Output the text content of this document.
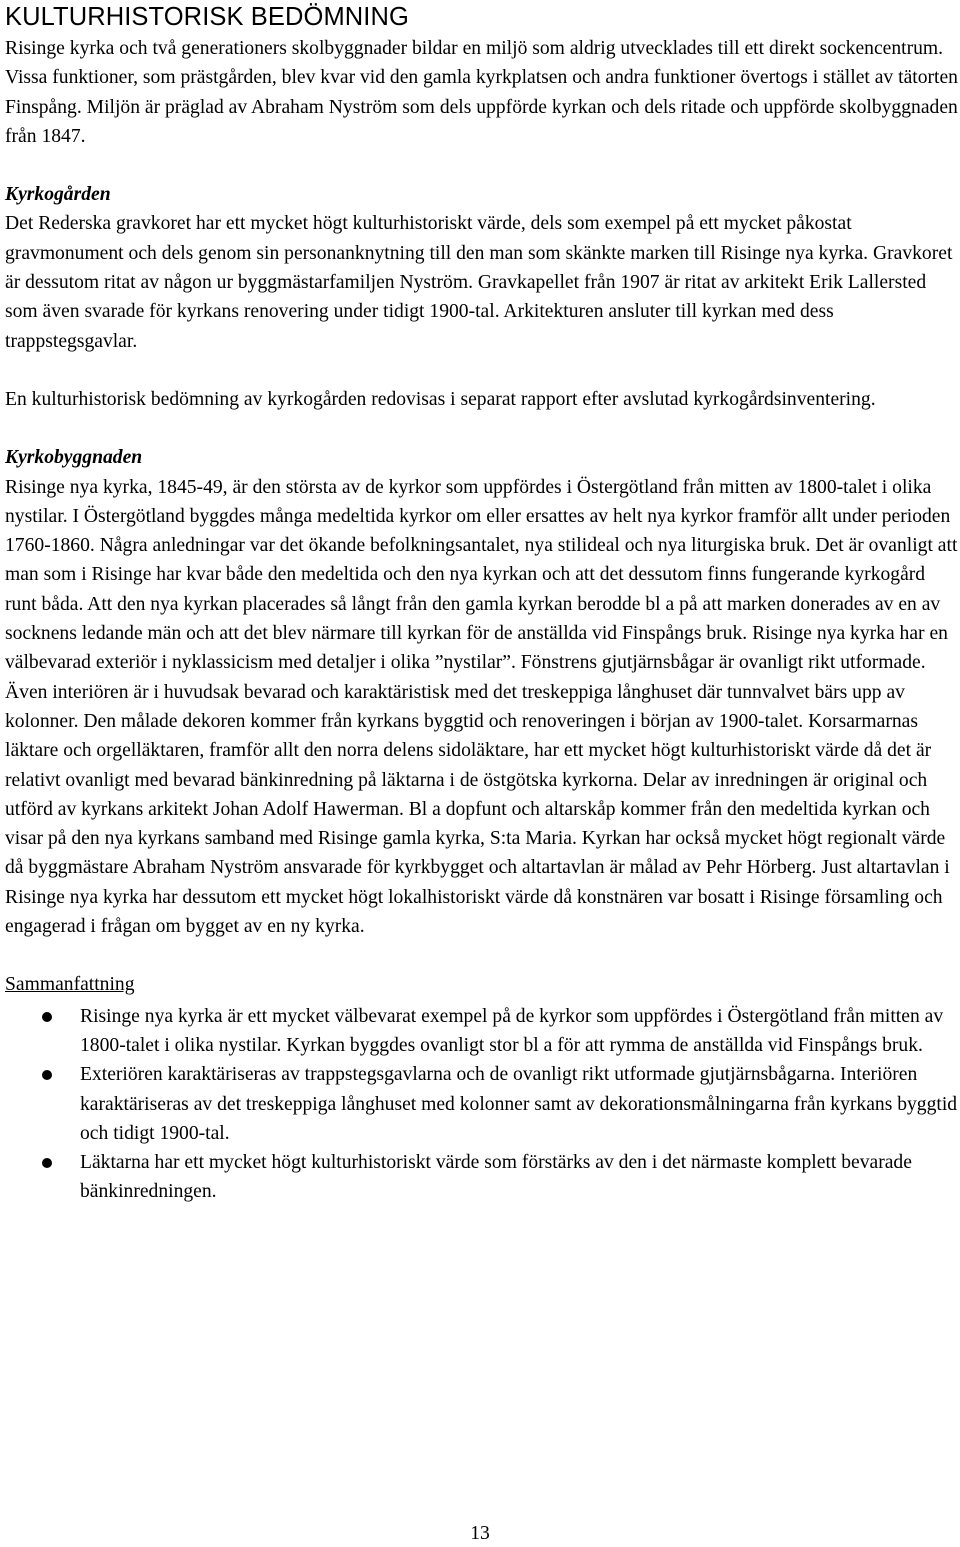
KULTURHISTORISK BEDÖMNING

Risinge kyrka och två generationers skolbyggnader bildar en miljö som aldrig utvecklades till ett direkt sockencentrum. Vissa funktioner, som prästgården, blev kvar vid den gamla kyrkplatsen och andra funktioner övertogs i stället av tätorten Finspång. Miljön är präglad av Abraham Nyström som dels uppförde kyrkan och dels ritade och uppförde skolbyggnaden från 1847.

Kyrkogården

Det Rederska gravkoret har ett mycket högt kulturhistoriskt värde, dels som exempel på ett mycket påkostat gravmonument och dels genom sin personanknytning till den man som skänkte marken till Risinge nya kyrka. Gravkoret är dessutom ritat av någon ur byggmästarfamiljen Nyström. Gravkapellet från 1907 är ritat av arkitekt Erik Lallersted som även svarade för kyrkans renovering under tidigt 1900-tal. Arkitekturen ansluter till kyrkan med dess trappstegsgavlar.

En kulturhistorisk bedömning av kyrkogården redovisas i separat rapport efter avslutad kyrkogårdsinventering.

Kyrkobyggnaden

Risinge nya kyrka, 1845-49, är den största av de kyrkor som uppfördes i Östergötland från mitten av 1800-talet i olika nystilar. I Östergötland byggdes många medeltida kyrkor om eller ersattes av helt nya kyrkor framför allt under perioden 1760-1860. Några anledningar var det ökande befolkningsantalet, nya stilideal och nya liturgiska bruk. Det är ovanligt att man som i Risinge har kvar både den medeltida och den nya kyrkan och att det dessutom finns fungerande kyrkogård runt båda. Att den nya kyrkan placerades så långt från den gamla kyrkan berodde bl a på att marken donerades av en av socknens ledande män och att det blev närmare till kyrkan för de anställda vid Finspångs bruk. Risinge nya kyrka har en välbevarad exteriör i nyklassicism med detaljer i olika ”nystilar”. Fönstrens gjutjärnsbågar är ovanligt rikt utformade. Även interiören är i huvudsak bevarad och karaktäristisk med det treskeppiga långhuset där tunnvalvet bärs upp av kolonner. Den målade dekoren kommer från kyrkans byggtid och renoveringen i början av 1900-talet. Korsarmarnas läktare och orgelläktaren, framför allt den norra delens sidoläktare, har ett mycket högt kulturhistoriskt värde då det är relativt ovanligt med bevarad bänkinredning på läktarna i de östgötska kyrkorna. Delar av inredningen är original och utförd av kyrkans arkitekt Johan Adolf Hawerman. Bl a dopfunt och altarskåp kommer från den medeltida kyrkan och visar på den nya kyrkans samband med Risinge gamla kyrka, S:ta Maria. Kyrkan har också mycket högt regionalt värde då byggmästare Abraham Nyström ansvarade för kyrkbygget och altartavlan är målad av Pehr Hörberg. Just altartavlan i Risinge nya kyrka har dessutom ett mycket högt lokalhistoriskt värde då konstnären var bosatt i Risinge församling och engagerad i frågan om bygget av en ny kyrka.

Sammanfattning

Risinge nya kyrka är ett mycket välbevarat exempel på de kyrkor som uppfördes i Östergötland från mitten av 1800-talet i olika nystilar. Kyrkan byggdes ovanligt stor bl a för att rymma de anställda vid Finspångs bruk.
Exteriören karaktäriseras av trappstegsgavlarna och de ovanligt rikt utformade gjutjärnsbågarna. Interiören karaktäriseras av det treskeppiga långhuset med kolonner samt av dekorationsmålningarna från kyrkans byggtid och tidigt 1900-tal.
Läktarna har ett mycket högt kulturhistoriskt värde som förstärks av den i det närmaste komplett bevarade bänkinredningen.
13
